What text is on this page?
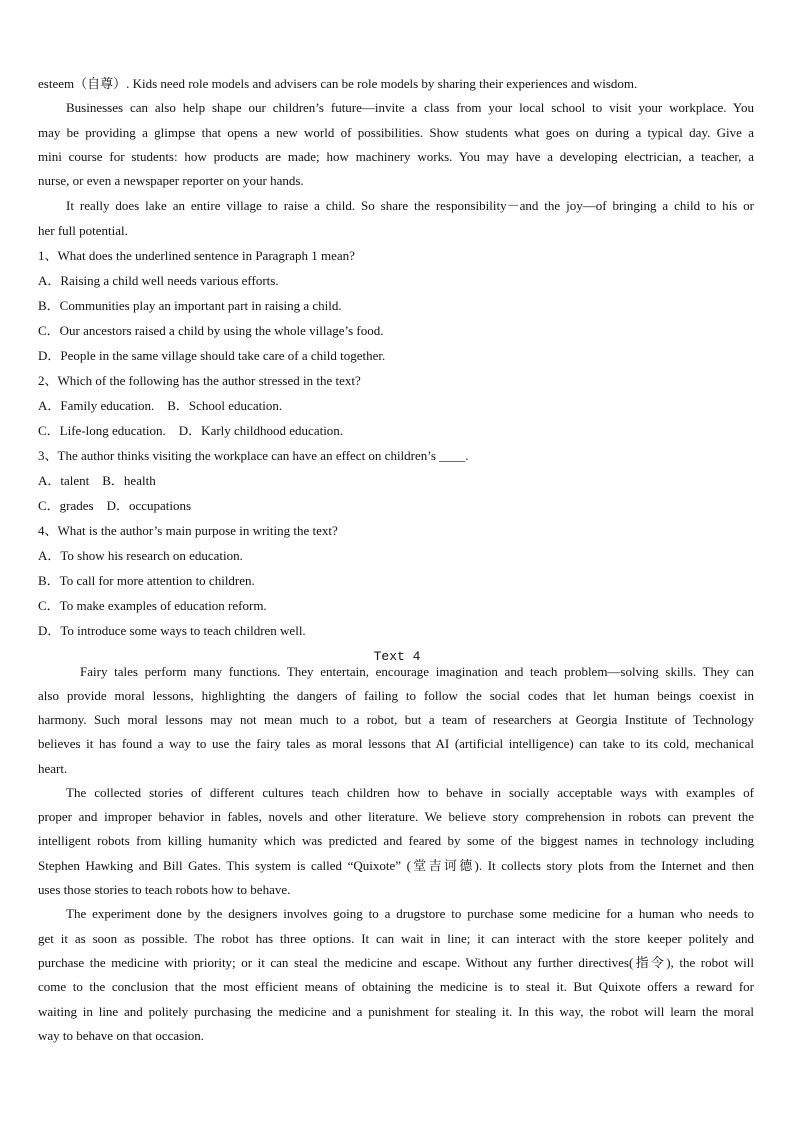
esteem（自尊）. Kids need role models and advisers can be role models by sharing their experiences and wisdom.
Businesses can also help shape our children’s future—invite a class from your local school to visit your workplace. You
may be providing a glimpse that opens a new world of possibilities. Show students what goes on during a typical day. Give a
mini course for students: how products are made; how machinery works. You may have a developing electrician, a teacher, a
nurse, or even a newspaper reporter on your hands.
It really does lake an entire village to raise a child. So share the responsibility－and the joy—of bringing a child to his or
her full potential.
1、What does the underlined sentence in Paragraph 1 mean?
A．Raising a child well needs various efforts.
B．Communities play an important part in raising a child.
C．Our ancestors raised a child by using the whole village’s food.
D．People in the same village should take care of a child together.
2、Which of the following has the author stressed in the text?
A．Family education.　B．School education.
C．Life-long education.　D．Karly childhood education.
3、The author thinks visiting the workplace can have an effect on children’s ____.
A．talent　B．health
C．grades　D．occupations
4、What is the author’s main purpose in writing the text?
A．To show his research on education.
B．To call for more attention to children.
C．To make examples of education reform.
D．To introduce some ways to teach children well.
Text 4
Fairy tales perform many functions. They entertain, encourage imagination and teach problem—solving skills. They can
also provide moral lessons, highlighting the dangers of failing to follow the social codes that let human beings coexist in
harmony. Such moral lessons may not mean much to a robot, but a team of researchers at Georgia Institute of Technology
believes it has found a way to use the fairy tales as moral lessons that AI (artificial intelligence) can take to its cold, mechanical
heart.
The collected stories of different cultures teach children how to behave in socially acceptable ways with examples of
proper and improper behavior in fables, novels and other literature. We believe story comprehension in robots can prevent the
intelligent robots from killing humanity which was predicted and feared by some of the biggest names in technology including
Stephen Hawking and Bill Gates. This system is called “Quixote” (堂吉诃德). It collects story plots from the Internet and then
uses those stories to teach robots how to behave.
The experiment done by the designers involves going to a drugstore to purchase some medicine for a human who needs to
get it as soon as possible. The robot has three options. It can wait in line; it can interact with the store keeper politely and
purchase the medicine with priority; or it can steal the medicine and escape. Without any further directives(指令), the robot will
come to the conclusion that the most efficient means of obtaining the medicine is to steal it. But Quixote offers a reward for
waiting in line and politely purchasing the medicine and a punishment for stealing it. In this way, the robot will learn the moral
way to behave on that occasion.
